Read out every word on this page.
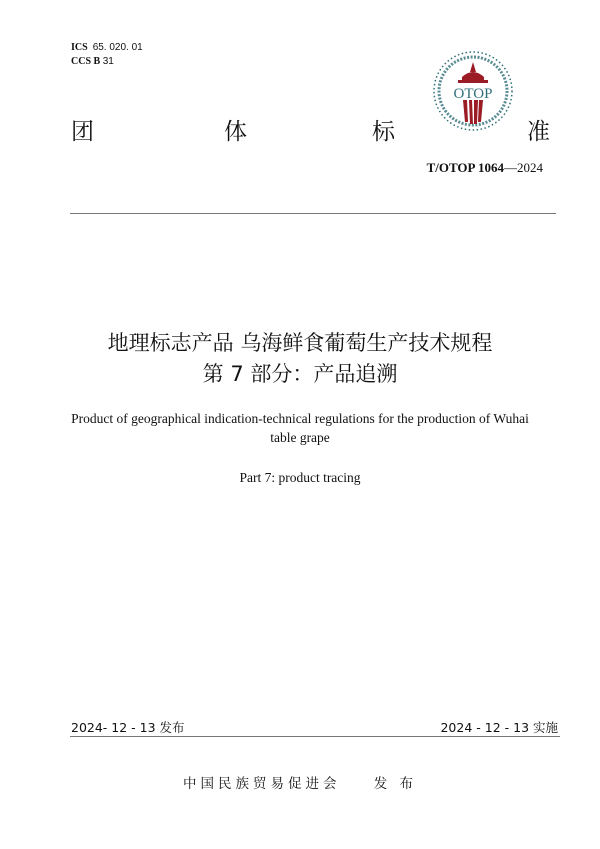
ICS 65. 020. 01
CCS B 31
OTOP
团	体	标	准
T/OTOP 1064—2024
地理标志产品 乌海鲜食葡萄生产技术规程
第 7 部分：产品追溯
Product of geographical indication-technical regulations for the production of Wuhai
table grape
Part 7: product tracing
2024- 12 - 13 发布	2024 - 12 - 13 实施
中国民族贸易促进会 发 布
